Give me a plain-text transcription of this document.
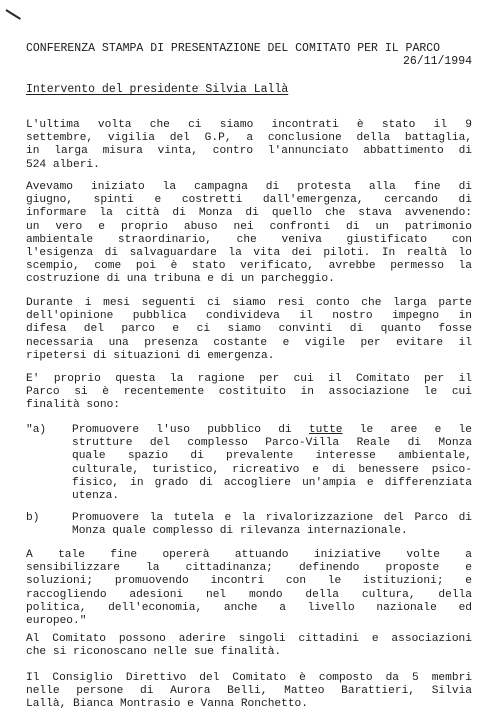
CONFERENZA STAMPA DI PRESENTAZIONE DEL COMITATO PER IL PARCO
26/11/1994
Intervento del presidente Silvia Lallà
L'ultima volta che ci siamo incontrati è stato il 9
settembre, vigilia del G.P, a conclusione della battaglia,
in larga misura vinta, contro l'annunciato abbattimento di
524 alberi.
Avevamo iniziato la campagna di protesta alla fine di
giugno, spinti e costretti dall'emergenza, cercando di
informare la città di Monza di quello che stava avvenendo:
un vero e proprio abuso nei confronti di un patrimonio
ambientale straordinario, che veniva giustificato con
l'esigenza di salvaguardare la vita dei piloti. In realtà lo
scempio, come poi è stato verificato, avrebbe permesso la
costruzione di una tribuna e di un parcheggio.
Durante i mesi seguenti ci siamo resi conto che larga parte
dell'opinione pubblica condivideva il nostro impegno in
difesa del parco e ci siamo convinti di quanto fosse
necessaria una presenza costante e vigile per evitare il
ripetersi di situazioni di emergenza.
E' proprio questa la ragione per cui il Comitato per il
Parco si è recentemente costituito in associazione le cui
finalità sono:
"a) Promuovere l'uso pubblico di tutte le aree e le
strutture del complesso Parco-Villa Reale di Monza
quale spazio di prevalente interesse ambientale,
culturale, turistico, ricreativo e di benessere psico-
fisico, in grado di accogliere un'ampia e differenziata
utenza.
b)	Promuovere la tutela e la rivalorizzazione del Parco di
Monza quale complesso di rilevanza internazionale.
A tale fine opererà attuando iniziative volte a
sensibilizzare la cittadinanza; definendo proposte e
soluzioni; promuovendo incontri con le istituzioni; e
raccogliendo adesioni nel mondo della cultura, della
politica, dell'economia, anche a livello nazionale ed
europeo."
Al Comitato possono aderire singoli cittadini e associazioni
che si riconoscano nelle sue finalità.
Il Consiglio Direttivo del Comitato è composto da 5 membri
nelle persone di Aurora Belli, Matteo Barattieri, Silvia
Lallà, Bianca Montrasio e Vanna Ronchetto.
